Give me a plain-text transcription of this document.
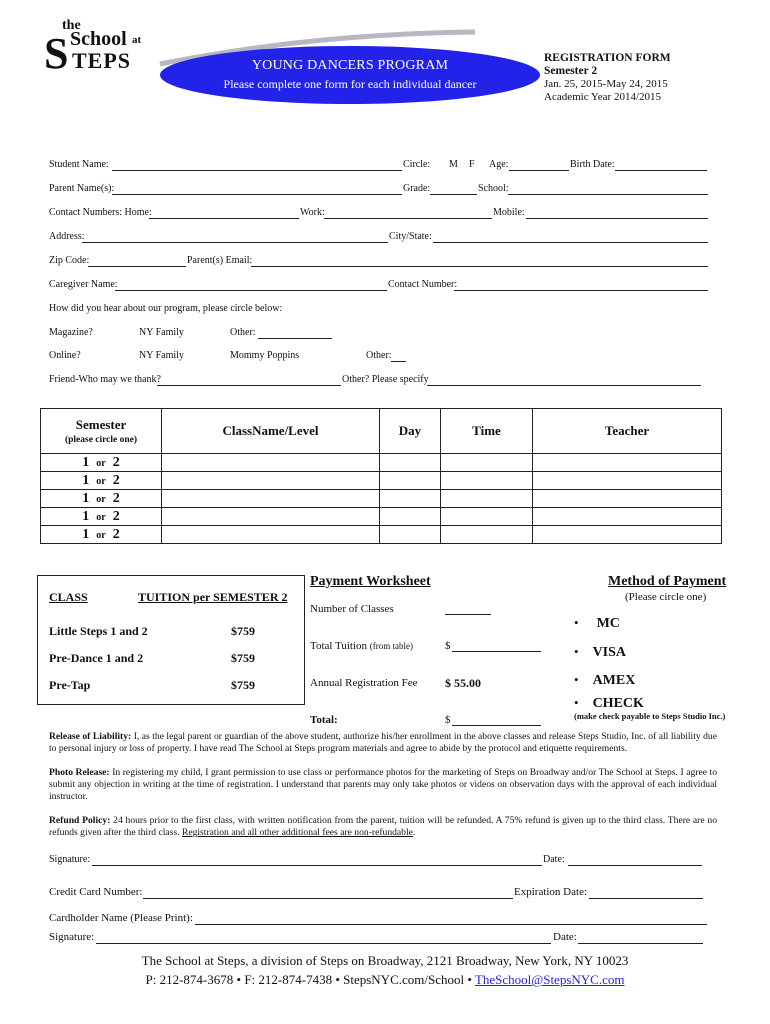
the
S School at
TEPS	YOUNG DANCERS PROGRAM
Please complete one form for each individual dancer
REGISTRATION FORM
Semester 2
Jan. 25, 2015-May 24, 2015
Academic Year 2014/2015
Student Name:	Circle: M F Age:	Birth Date:
Parent Name(s):	Grade:	School:
Contact Numbers: Home:	Work:	Mobile:
Address:	City/State:
Zip Code:	Parent(s) Email:
Caregiver Name:	Contact Number:
How did you hear about our program, please circle below:
Magazine?	NY Family	Other:
Online?	NY Family	Mommy Poppins	Other:
Friend-Who may we thank?	Other? Please specify
Semester
(please circle one)	ClassName/Level	Day	Time	Teacher
1 or 2				
1 or 2				
1 or 2				
1 or 2				
1 or 2				
CLASS	TUITION per SEMESTER 2
Little Steps 1 and 2	$759
Pre-Dance 1 and 2	$759
Pre-Tap	$759
Payment Worksheet
Number of Classes
Total Tuition (from table)	$
Annual Registration Fee $ 55.00
Total:	$
Method of Payment
(Please circle one)
• MC
• VISA
• AMEX
• CHECK
(make check payable to Steps Studio Inc.)
Release of Liability: I, as the legal parent or guardian of the above student, authorize his/her enrollment in the above classes and release Steps Studio, Inc. of all liability due to personal injury or loss of property. I have read The School at Steps program materials and agree to abide by the protocol and etiquette requirements.
Photo Release: In registering my child, I grant permission to use class or performance photos for the marketing of Steps on Broadway and/or The School at Steps. I agree to submit any objection in writing at the time of registration. I understand that parents may only take photos or videos on observation days with the approval of each individual instructor.
Refund Policy: 24 hours prior to the first class, with written notification from the parent, tuition will be refunded. A 75% refund is given up to the third class. There are no refunds given after the third class. Registration and all other additional fees are non-refundable.
Signature:	Date:
Credit Card Number:	Expiration Date:
Cardholder Name (Please Print):
Signature:	Date:
The School at Steps, a division of Steps on Broadway, 2121 Broadway, New York, NY 10023
P: 212-874-3678 • F: 212-874-7438 • StepsNYC.com/School • TheSchool@StepsNYC.com
